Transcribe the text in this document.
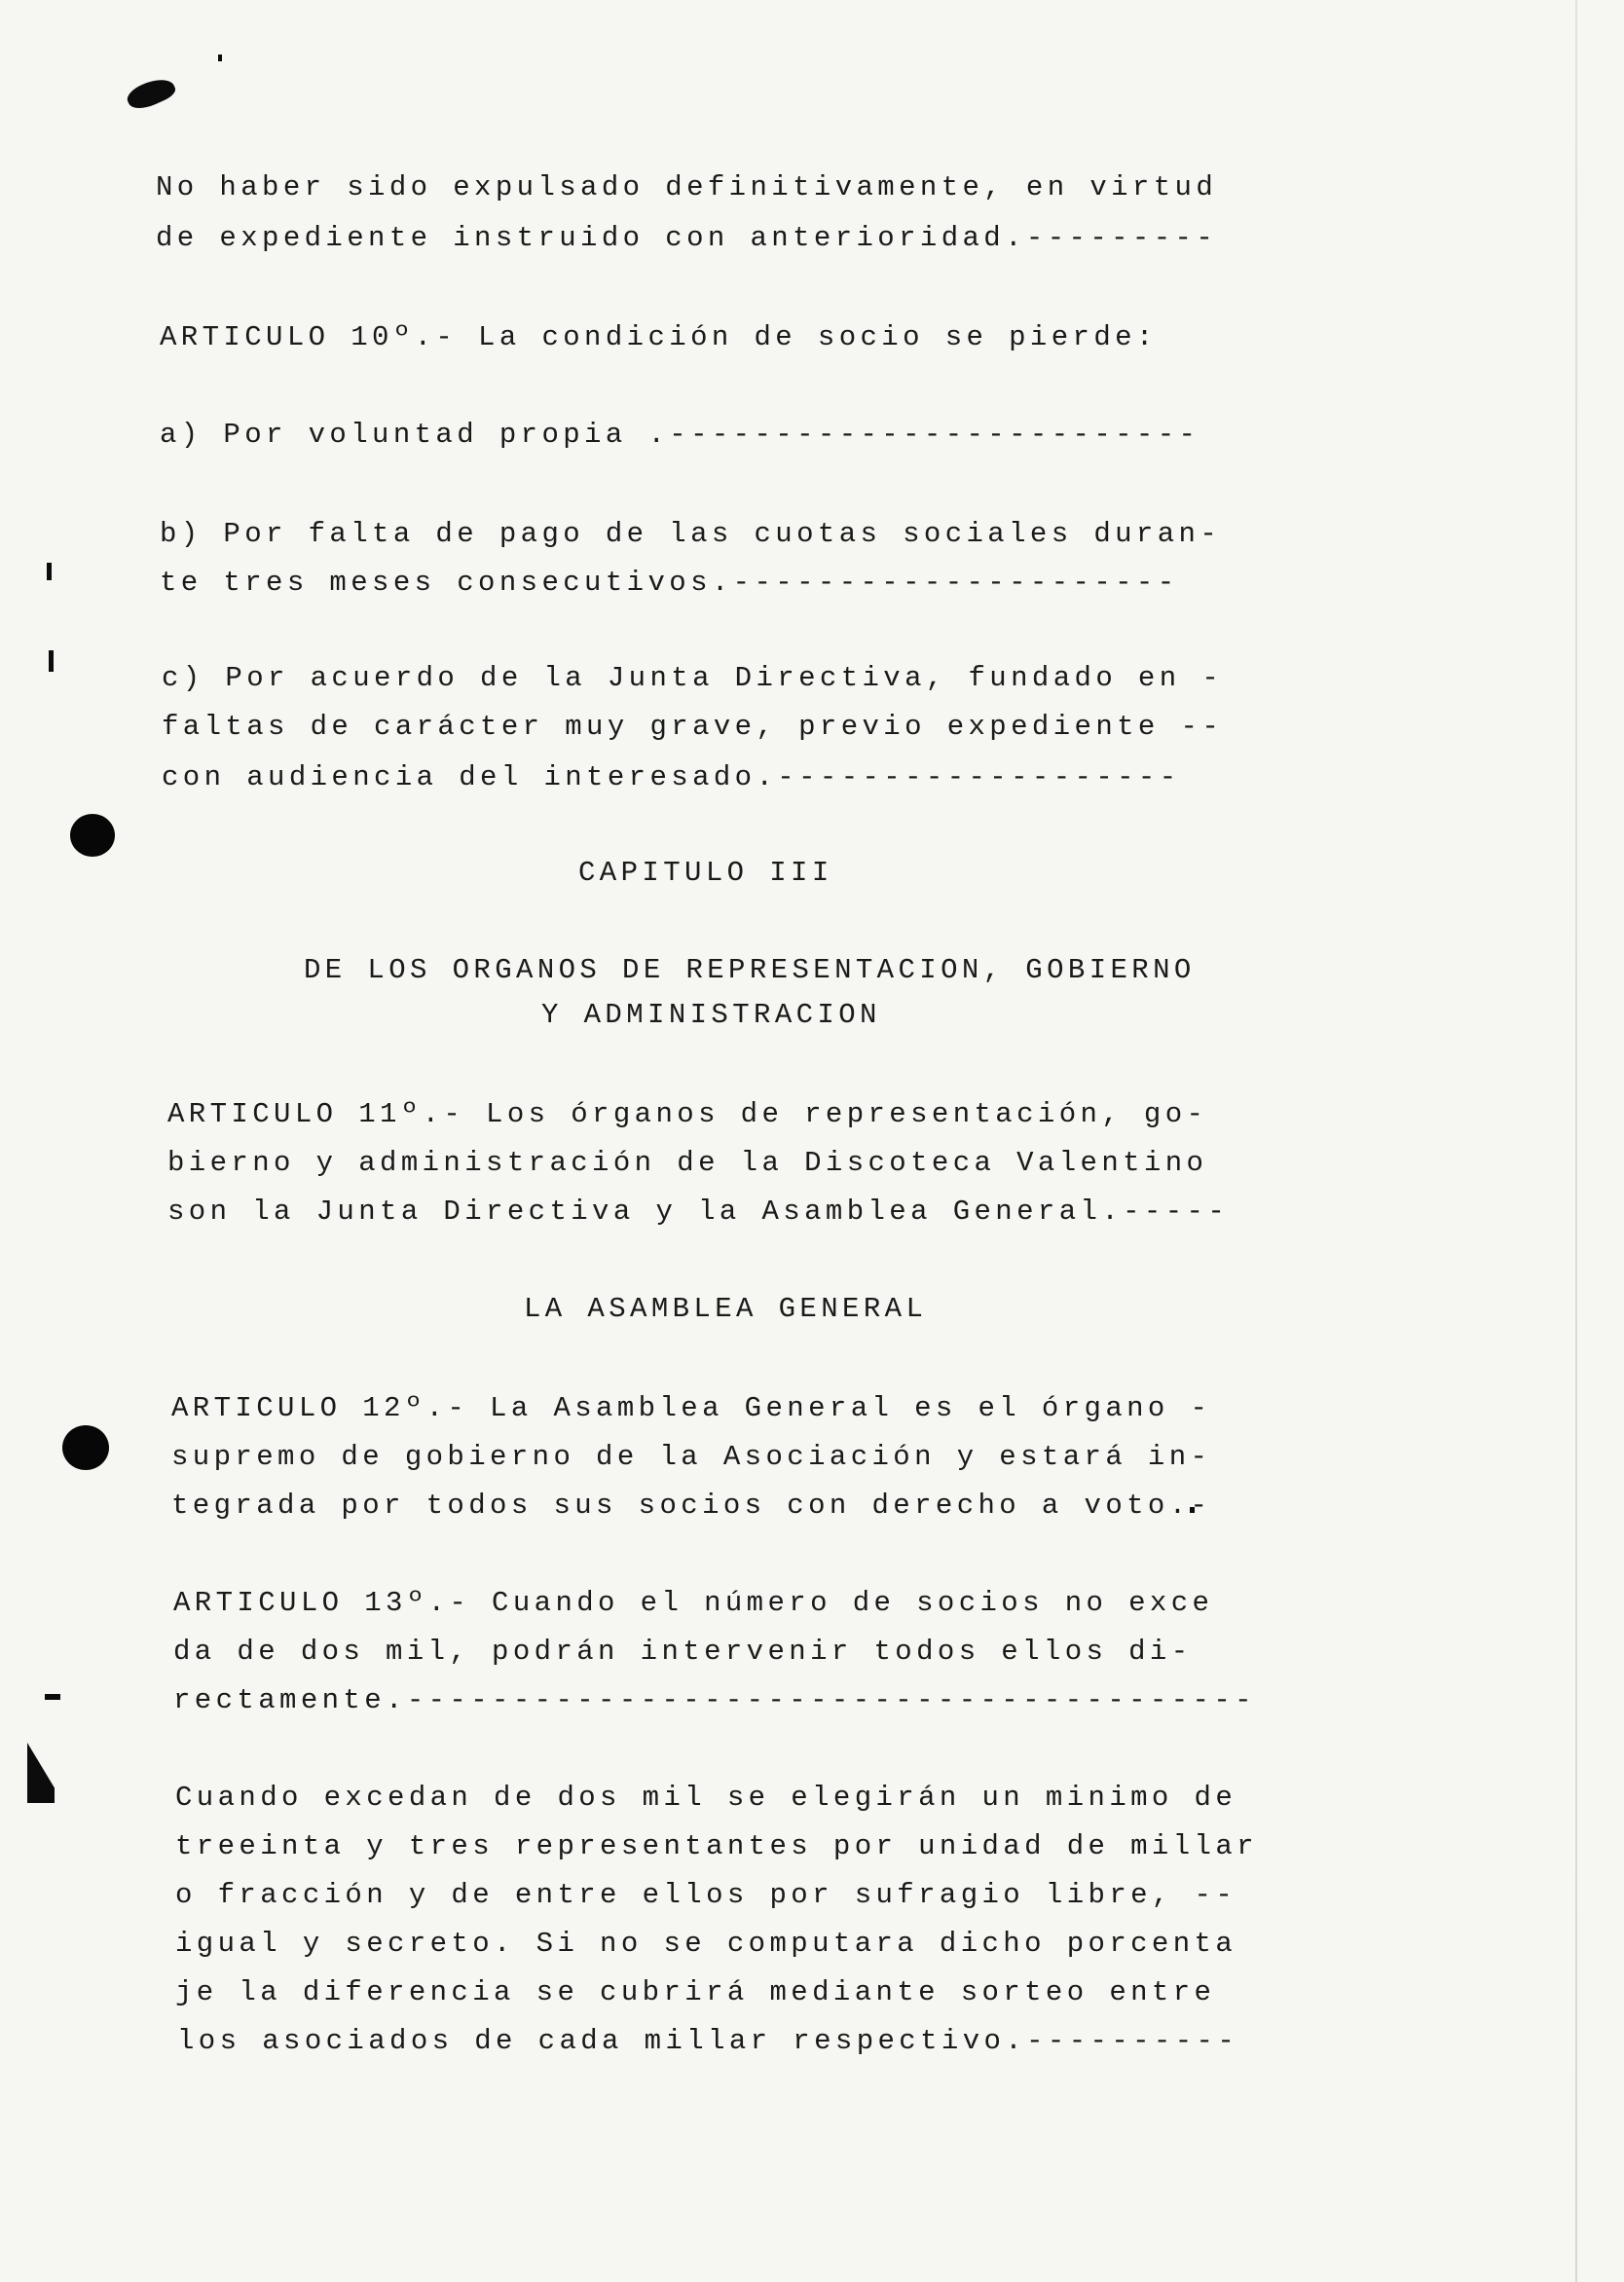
No haber sido expulsado definitivamente, en virtud
de expediente instruido con anterioridad.---------
ARTICULO 10º.- La condición de socio se pierde:
a) Por voluntad propia .-------------------------
b) Por falta de pago de las cuotas sociales duran-
te tres meses consecutivos.---------------------
c) Por acuerdo de la Junta Directiva, fundado en -
faltas de carácter muy grave, previo expediente --
con audiencia del interesado.-------------------
CAPITULO III
DE LOS ORGANOS DE REPRESENTACION, GOBIERNO
Y ADMINISTRACION
ARTICULO 11º.- Los órganos de representación, go-
bierno y administración de la Discoteca Valentino
son la Junta Directiva y la Asamblea General.-----
LA ASAMBLEA GENERAL
ARTICULO 12º.- La Asamblea General es el órgano -
supremo de gobierno de la Asociación y estará in-
tegrada por todos sus socios con derecho a voto.-
ARTICULO 13º.- Cuando el número de socios no exce
da de dos mil, podrán intervenir todos ellos di-
rectamente.----------------------------------------
Cuando excedan de dos mil se elegirán un minimo de
treeinta y tres representantes por unidad de millar
o fracción y de entre ellos por sufragio libre, --
igual y secreto. Si no se computara dicho porcenta
je la diferencia se cubrirá mediante sorteo entre
los asociados de cada millar respectivo.----------
